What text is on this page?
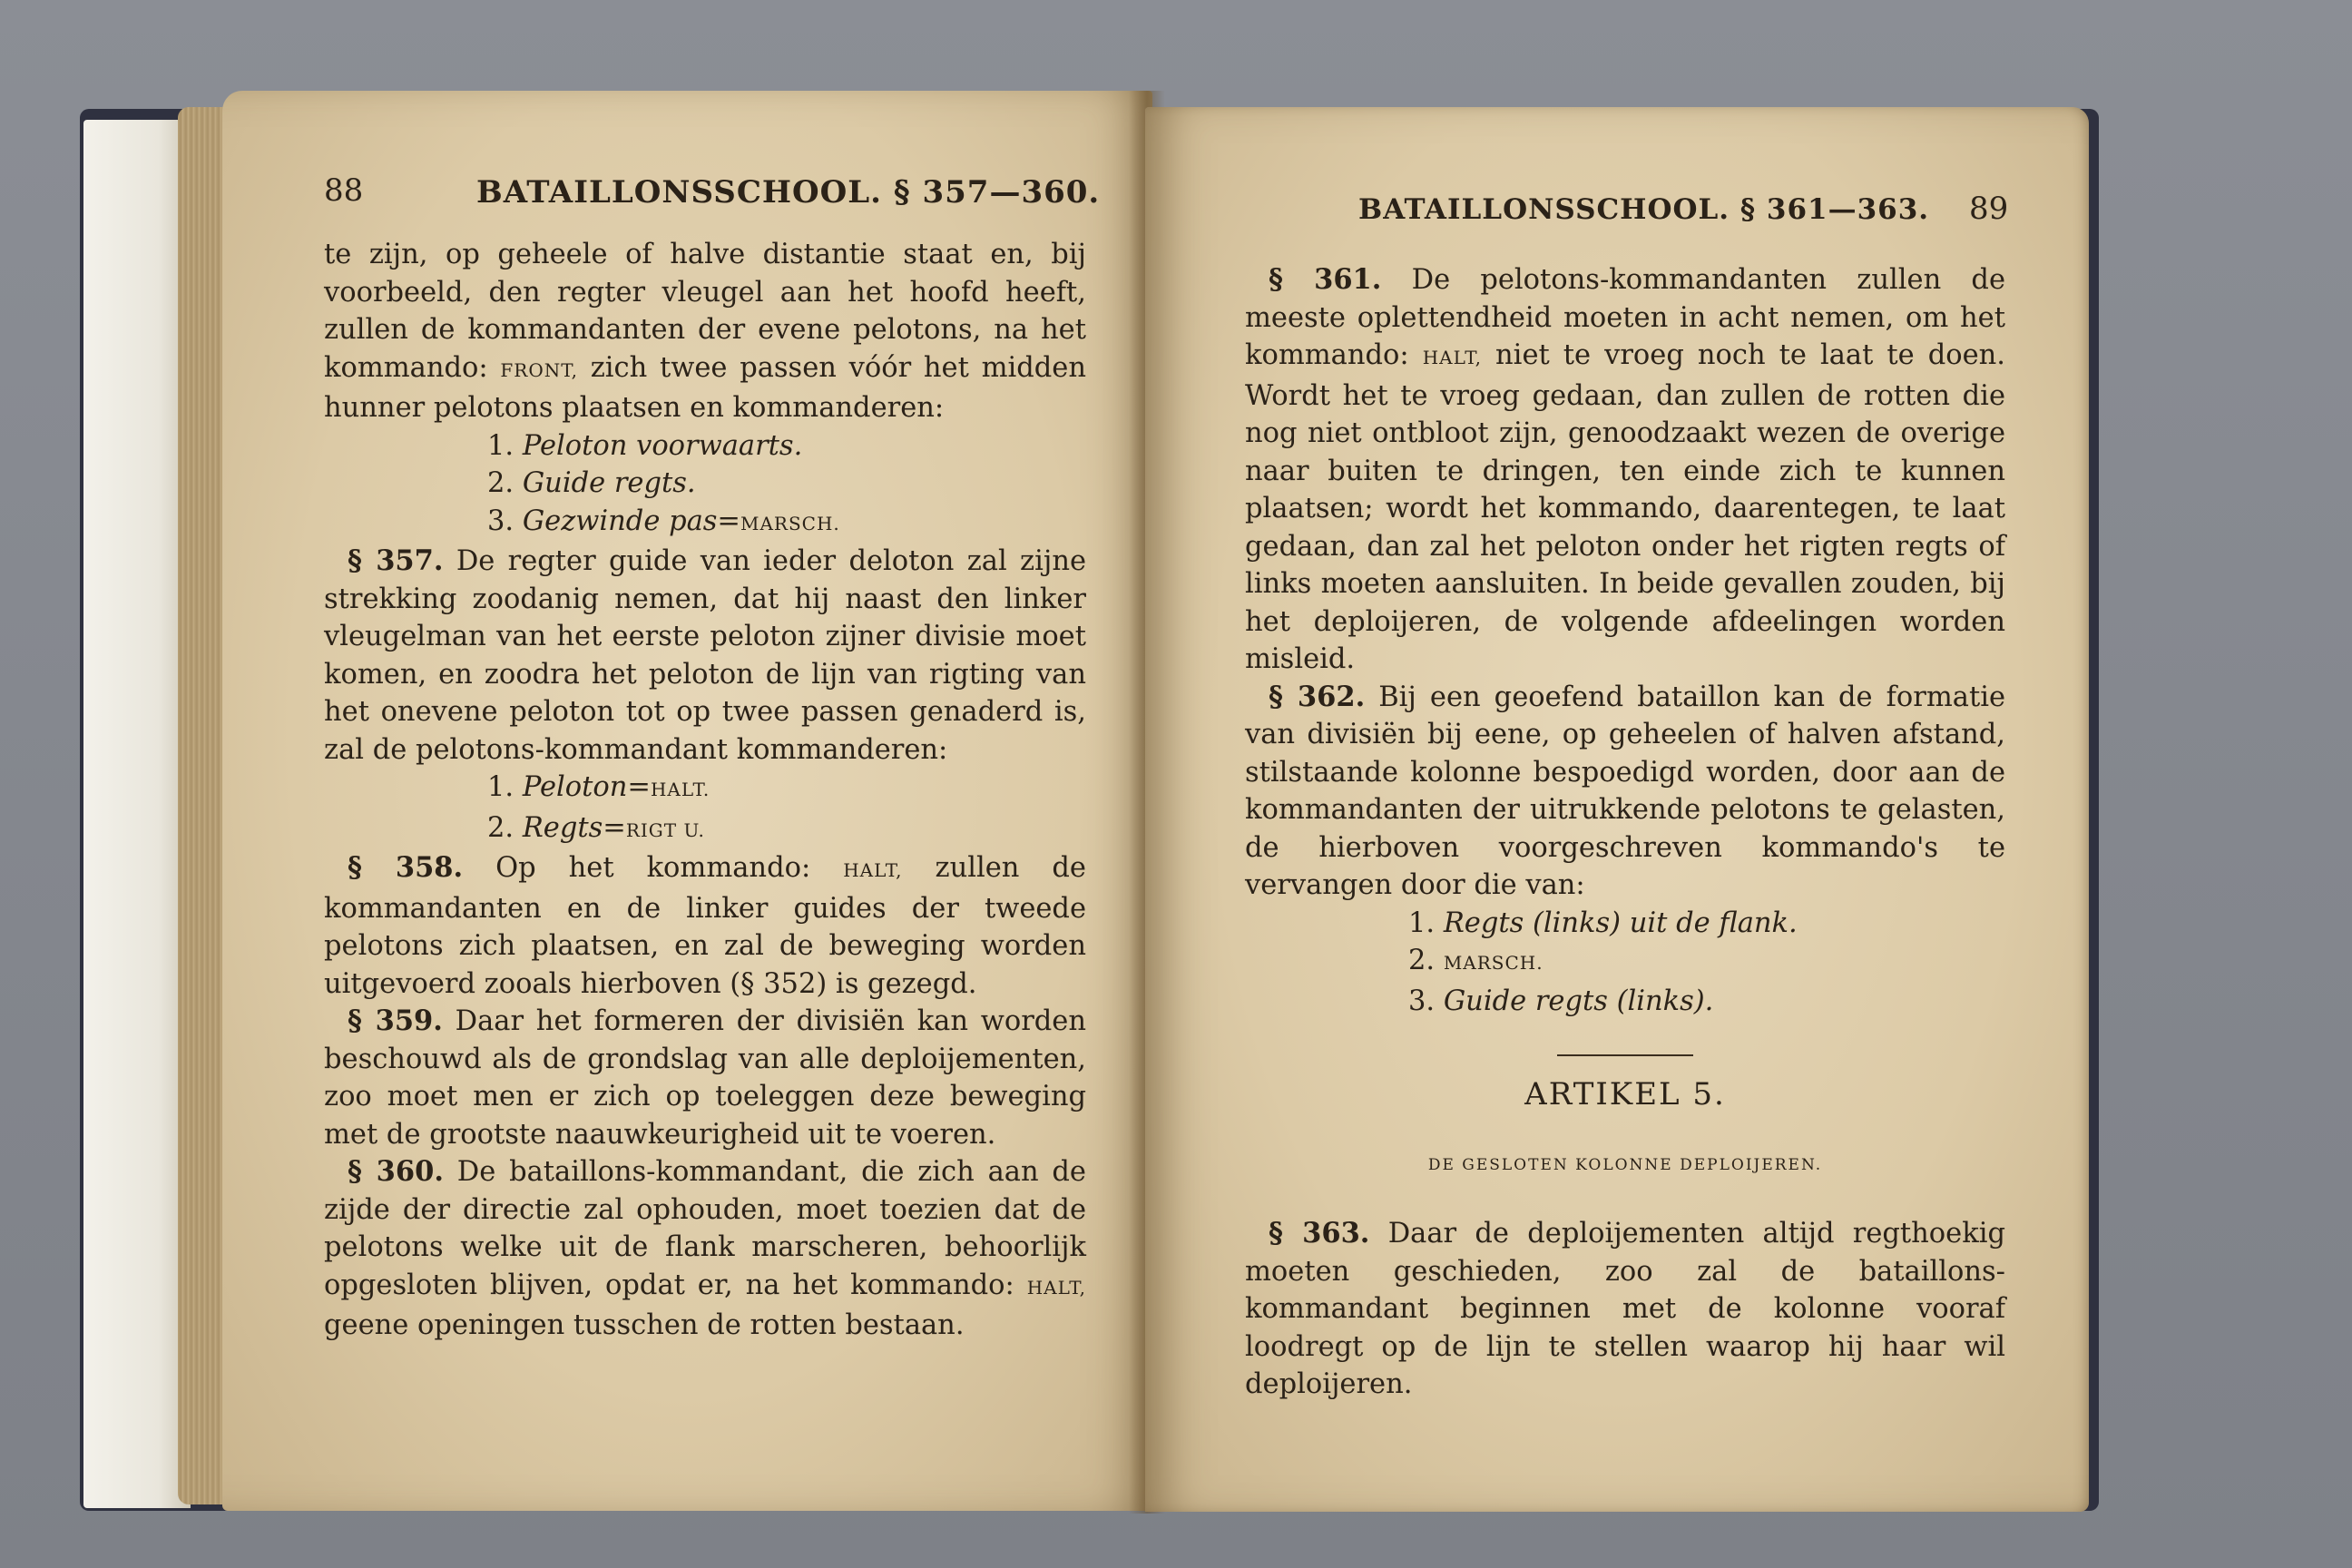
88	BATAILLONSSCHOOL. § 357—360.

te zijn, op geheele of halve distantie staat en, bij voorbeeld, den regter vleugel aan het hoofd heeft, zullen de kommandanten der evene pelotons, na het kommando: FRONT, zich twee passen vóór het midden hunner pelotons plaatsen en kommanderen:

1. Peloton voorwaarts.

2. Guide regts.

3. Gezwinde pas=MARSCH.

§ 357. De regter guide van ieder deloton zal zijne strekking zoodanig nemen, dat hij naast den linker vleugelman van het eerste peloton zijner divisie moet komen, en zoodra het peloton de lijn van rigting van het onevene peloton tot op twee passen genaderd is, zal de pelotons-kommandant kommanderen:

1. Peloton=HALT.

2. Regts=RIGT U.

§ 358. Op het kommando: HALT, zullen de kommandanten en de linker guides der tweede pelotons zich plaatsen, en zal de beweging worden uitgevoerd zooals hierboven (§ 352) is gezegd.

§ 359. Daar het formeren der divisiën kan worden beschouwd als de grondslag van alle deploijementen, zoo moet men er zich op toeleggen deze beweging met de grootste naauwkeurigheid uit te voeren.

§ 360. De bataillons-kommandant, die zich aan de zijde der directie zal ophouden, moet toezien dat de pelotons welke uit de flank marscheren, behoorlijk opgesloten blijven, opdat er, na het kommando: HALT, geene openingen tusschen de rotten bestaan.

BATAILLONSSCHOOL. § 361—363. 89

§ 361. De pelotons-kommandanten zullen de meeste oplettendheid moeten in acht nemen, om het kommando: HALT, niet te vroeg noch te laat te doen. Wordt het te vroeg gedaan, dan zullen de rotten die nog niet ontbloot zijn, genoodzaakt wezen de overige naar buiten te dringen, ten einde zich te kunnen plaatsen; wordt het kommando, daarentegen, te laat gedaan, dan zal het peloton onder het rigten regts of links moeten aansluiten. In beide gevallen zouden, bij het deploijeren, de volgende afdeelingen worden misleid.

§ 362. Bij een geoefend bataillon kan de formatie van divisiën bij eene, op geheelen of halven afstand, stilstaande kolonne bespoedigd worden, door aan de kommandanten der uitrukkende pelotons te gelasten, de hierboven voorgeschreven kommando's te vervangen door die van:

1. Regts (links) uit de flank.

2. MARSCH.

3. Guide regts (links).

ARTIKEL 5.
DE GESLOTEN KOLONNE DEPLOIJEREN.

§ 363. Daar de deploijementen altijd regthoekig moeten geschieden, zoo zal de bataillons-kommandant beginnen met de kolonne vooraf loodregt op de lijn te stellen waarop hij haar wil deploijeren.
